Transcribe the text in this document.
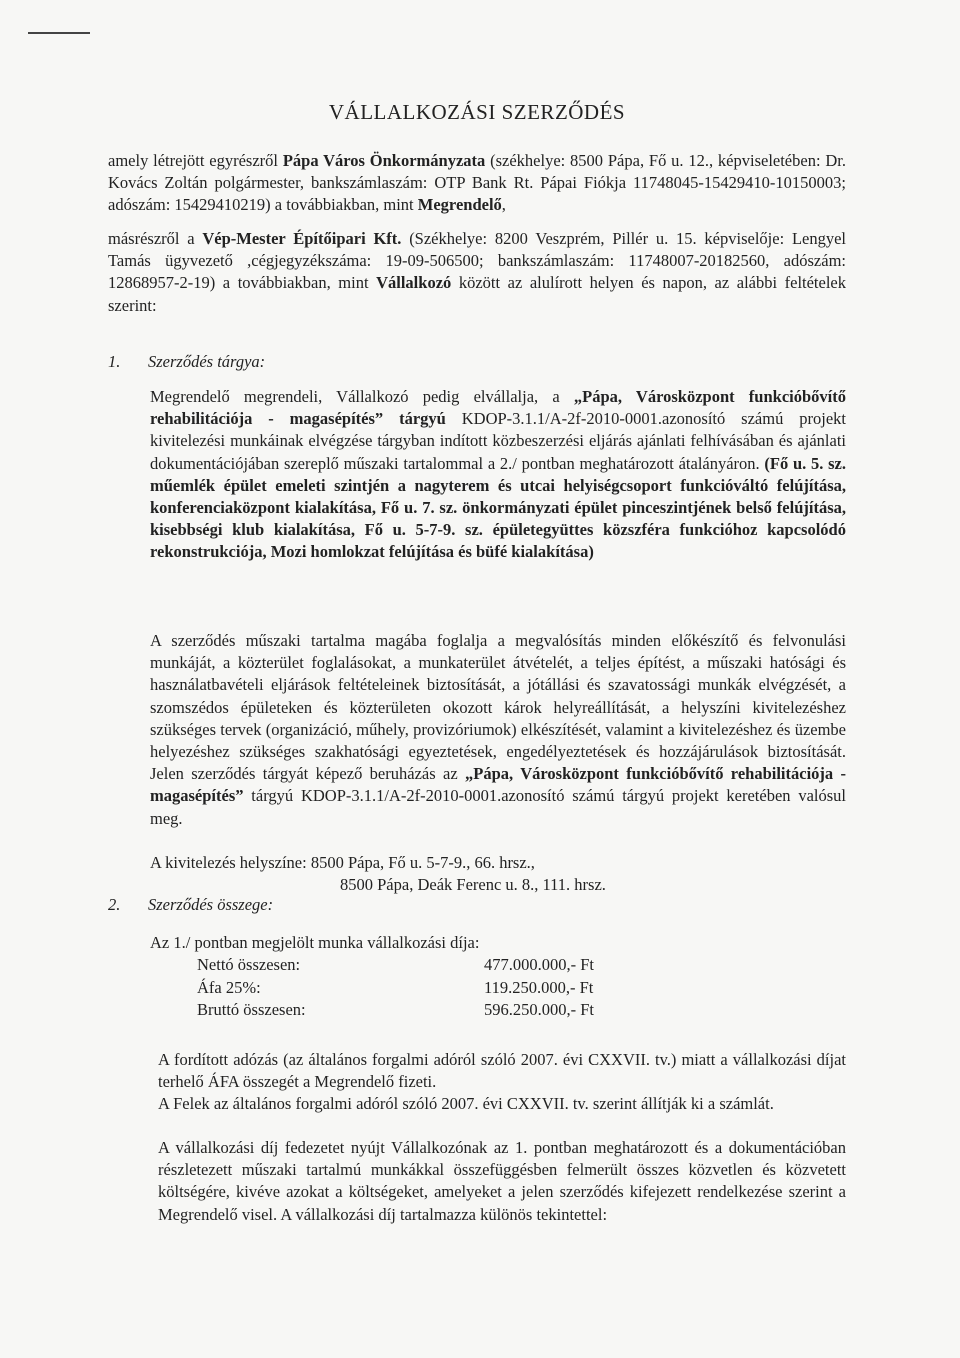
VÁLLALKOZÁSI SZERZŐDÉS

amely létrejött egyrészről Pápa Város Önkormányzata (székhelye: 8500 Pápa, Fő u. 12., képviseletében: Dr. Kovács Zoltán polgármester, bankszámlaszám: OTP Bank Rt. Pápai Fiókja 11748045-15429410-10150003; adószám: 15429410219) a továbbiakban, mint Megrendelő,

másrészről a Vép-Mester Építőipari Kft. (Székhelye: 8200 Veszprém, Pillér u. 15. képviselője: Lengyel Tamás ügyvezető ,cégjegyzékszáma: 19-09-506500; bankszámlaszám: 11748007-20182560, adószám: 12868957-2-19) a továbbiakban, mint Vállalkozó között az alulírott helyen és napon, az alábbi feltételek szerint:

1. Szerződés tárgya:

Megrendelő megrendeli, Vállalkozó pedig elvállalja, a „Pápa, Városközpont funkcióbővítő rehabilitációja - magasépítés” tárgyú KDOP-3.1.1/A-2f-2010-0001.azonosító számú projekt kivitelezési munkáinak elvégzése tárgyban indított közbeszerzési eljárás ajánlati felhívásában és ajánlati dokumentációjában szereplő műszaki tartalommal a 2./ pontban meghatározott átalányáron. (Fő u. 5. sz. műemlék épület emeleti szintjén a nagyterem és utcai helyiségcsoport funkcióváltó felújítása, konferenciaközpont kialakítása, Fő u. 7. sz. önkormányzati épület pinceszintjének belső felújítása, kisebbségi klub kialakítása, Fő u. 5-7-9. sz. épületegyüttes közszféra funkcióhoz kapcsolódó rekonstrukciója, Mozi homlokzat felújítása és büfé kialakítása)

A szerződés műszaki tartalma magába foglalja a megvalósítás minden előkészítő és felvonulási munkáját, a közterület foglalásokat, a munkaterület átvételét, a teljes építést, a műszaki hatósági és használatbavételi eljárások feltételeinek biztosítását, a jótállási és szavatossági munkák elvégzését, a szomszédos épületeken és közterületen okozott károk helyreállítását, a helyszíni kivitelezéshez szükséges tervek (organizáció, műhely, provizóriumok) elkészítését, valamint a kivitelezéshez és üzembe helyezéshez szükséges szakhatósági egyeztetések, engedélyeztetések és hozzájárulások biztosítását. Jelen szerződés tárgyát képező beruházás az „Pápa, Városközpont funkcióbővítő rehabilitációja - magasépítés” tárgyú KDOP-3.1.1/A-2f-2010-0001.azonosító számú tárgyú projekt keretében valósul meg.

A kivitelezés helyszíne: 8500 Pápa, Fő u. 5-7-9., 66. hrsz.,

8500 Pápa, Deák Ferenc u. 8., 111. hrsz.

2. Szerződés összege:

Az 1./ pontban megjelölt munka vállalkozási díja:

Nettó összesen:	477.000.000,- Ft
Áfa 25%:	119.250.000,- Ft
Bruttó összesen:	596.250.000,- Ft

A fordított adózás (az általános forgalmi adóról szóló 2007. évi CXXVII. tv.) miatt a vállalkozási díjat terhelő ÁFA összegét a Megrendelő fizeti.

A Felek az általános forgalmi adóról szóló 2007. évi CXXVII. tv. szerint állítják ki a számlát.

A vállalkozási díj fedezetet nyújt Vállalkozónak az 1. pontban meghatározott és a dokumentációban részletezett műszaki tartalmú munkákkal összefüggésben felmerült összes közvetlen és közvetett költségére, kivéve azokat a költségeket, amelyeket a jelen szerződés kifejezett rendelkezése szerint a Megrendelő visel. A vállalkozási díj tartalmazza különös tekintettel:
